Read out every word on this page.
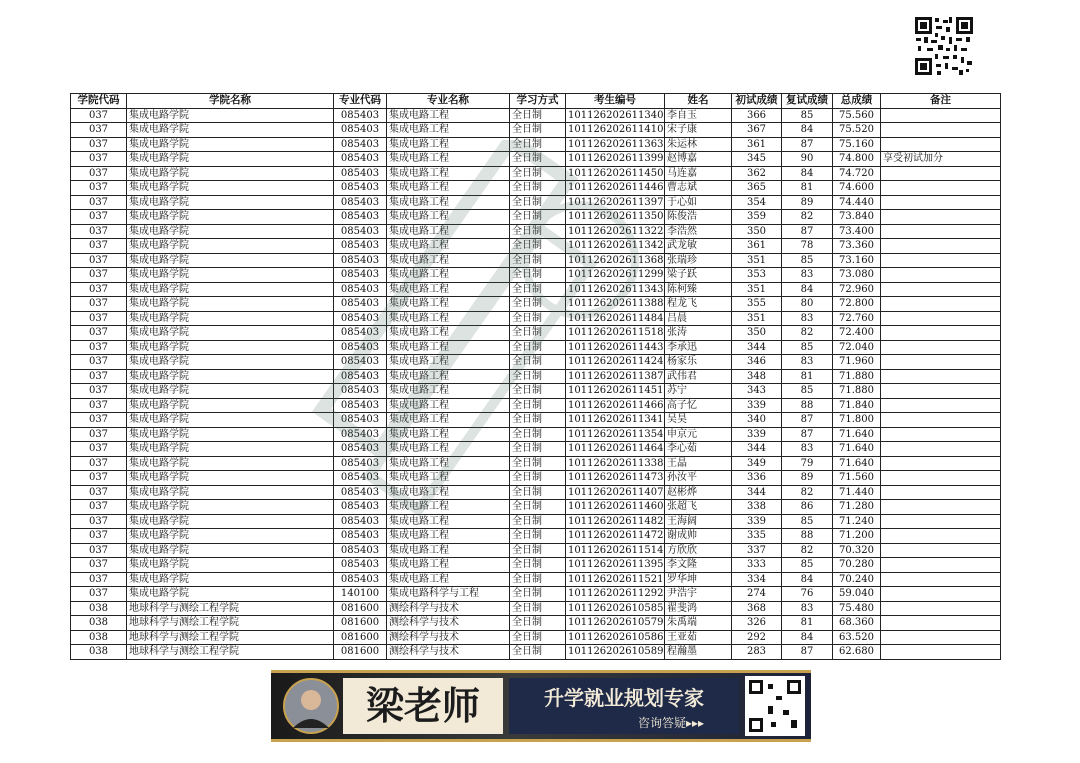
学院代码	学院名称	专业代码	专业名称	学习方式	考生编号	姓名	初试成绩	复试成绩	总成绩	备注
037	集成电路学院	085403	集成电路工程	全日制	101126202611340	李自玉	366	85	75.560	
037	集成电路学院	085403	集成电路工程	全日制	101126202611410	宋子康	367	84	75.520	
037	集成电路学院	085403	集成电路工程	全日制	101126202611363	朱运林	361	87	75.160	
037	集成电路学院	085403	集成电路工程	全日制	101126202611399	赵博嘉	345	90	74.800	享受初试加分
037	集成电路学院	085403	集成电路工程	全日制	101126202611450	马连嘉	362	84	74.720	
037	集成电路学院	085403	集成电路工程	全日制	101126202611446	曹志斌	365	81	74.600	
037	集成电路学院	085403	集成电路工程	全日制	101126202611397	于心如	354	89	74.440	
037	集成电路学院	085403	集成电路工程	全日制	101126202611350	陈俊浩	359	82	73.840	
037	集成电路学院	085403	集成电路工程	全日制	101126202611322	李浩然	350	87	73.400	
037	集成电路学院	085403	集成电路工程	全日制	101126202611342	武龙敏	361	78	73.360	
037	集成电路学院	085403	集成电路工程	全日制	101126202611368	张瑞珍	351	85	73.160	
037	集成电路学院	085403	集成电路工程	全日制	101126202611299	梁子跃	353	83	73.080	
037	集成电路学院	085403	集成电路工程	全日制	101126202611343	陈柯臻	351	84	72.960	
037	集成电路学院	085403	集成电路工程	全日制	101126202611388	程龙飞	355	80	72.800	
037	集成电路学院	085403	集成电路工程	全日制	101126202611484	吕晨	351	83	72.760	
037	集成电路学院	085403	集成电路工程	全日制	101126202611518	张涛	350	82	72.400	
037	集成电路学院	085403	集成电路工程	全日制	101126202611443	李承迅	344	85	72.040	
037	集成电路学院	085403	集成电路工程	全日制	101126202611424	杨家乐	346	83	71.960	
037	集成电路学院	085403	集成电路工程	全日制	101126202611387	武伟君	348	81	71.880	
037	集成电路学院	085403	集成电路工程	全日制	101126202611451	苏宁	343	85	71.880	
037	集成电路学院	085403	集成电路工程	全日制	101126202611466	高子忆	339	88	71.840	
037	集成电路学院	085403	集成电路工程	全日制	101126202611341	吴昊	340	87	71.800	
037	集成电路学院	085403	集成电路工程	全日制	101126202611354	申京元	339	87	71.640	
037	集成电路学院	085403	集成电路工程	全日制	101126202611464	李心茹	344	83	71.640	
037	集成电路学院	085403	集成电路工程	全日制	101126202611338	王晶	349	79	71.640	
037	集成电路学院	085403	集成电路工程	全日制	101126202611473	孙汝平	336	89	71.560	
037	集成电路学院	085403	集成电路工程	全日制	101126202611407	赵彬烨	344	82	71.440	
037	集成电路学院	085403	集成电路工程	全日制	101126202611460	张超飞	338	86	71.280	
037	集成电路学院	085403	集成电路工程	全日制	101126202611482	王海阔	339	85	71.240	
037	集成电路学院	085403	集成电路工程	全日制	101126202611472	谢成帅	335	88	71.200	
037	集成电路学院	085403	集成电路工程	全日制	101126202611514	方欣欣	337	82	70.320	
037	集成电路学院	085403	集成电路工程	全日制	101126202611395	李文隆	333	85	70.280	
037	集成电路学院	085403	集成电路工程	全日制	101126202611521	罗华坤	334	84	70.240	
037	集成电路学院	140100	集成电路科学与工程	全日制	101126202611292	尹浩宇	274	76	59.040	
038	地球科学与测绘工程学院	081600	测绘科学与技术	全日制	101126202610585	翟斐鸿	368	83	75.480	
038	地球科学与测绘工程学院	081600	测绘科学与技术	全日制	101126202610579	朱禹端	326	81	68.360	
038	地球科学与测绘工程学院	081600	测绘科学与技术	全日制	101126202610586	王亚茹	292	84	63.520	
038	地球科学与测绘工程学院	081600	测绘科学与技术	全日制	101126202610589	程瀚墨	283	87	62.680	
梁老师	升学就业规划专家
咨询答疑▸▸▸
